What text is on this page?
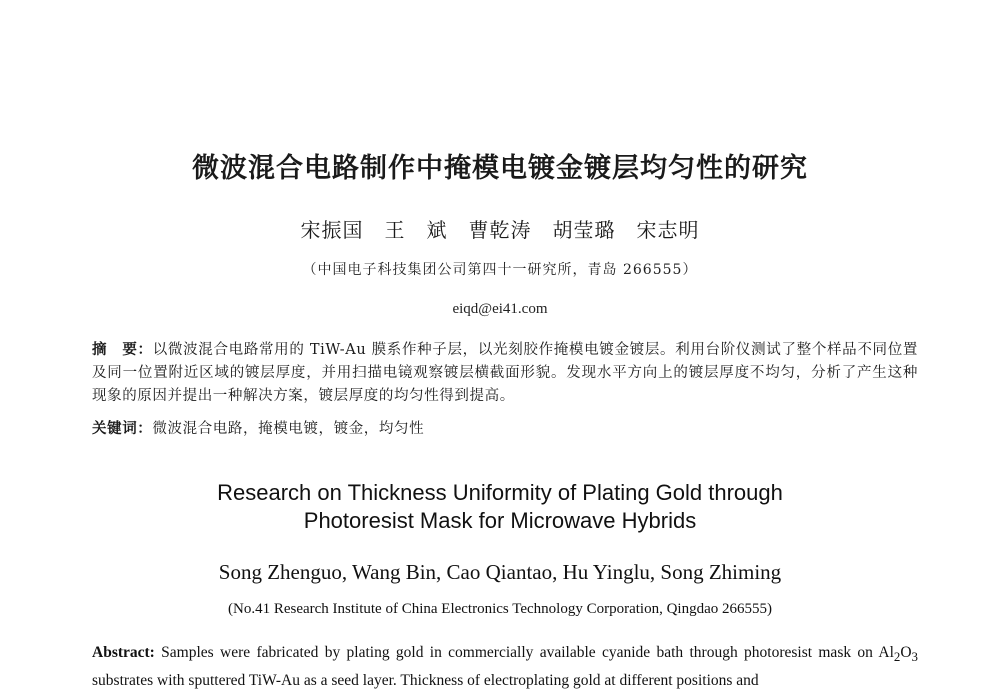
微波混合电路制作中掩模电镀金镀层均匀性的研究
宋振国　王　斌　曹乾涛　胡莹璐　宋志明
（中国电子科技集团公司第四十一研究所，青岛 266555）
eiqd@ei41.com
摘　要：以微波混合电路常用的 TiW-Au 膜系作种子层，以光刻胶作掩模电镀金镀层。利用台阶仪测试了整个样品不同位置及同一位置附近区域的镀层厚度，并用扫描电镜观察镀层横截面形貌。发现水平方向上的镀层厚度不均匀，分析了产生这种现象的原因并提出一种解决方案，镀层厚度的均匀性得到提高。
关键词：微波混合电路，掩模电镀，镀金，均匀性
Research on Thickness Uniformity of Plating Gold through
Photoresist Mask for Microwave Hybrids
Song Zhenguo, Wang Bin, Cao Qiantao, Hu Yinglu, Song Zhiming
(No.41 Research Institute of China Electronics Technology Corporation, Qingdao 266555)
Abstract: Samples were fabricated by plating gold in commercially available cyanide bath through photoresist mask on $Al_2O_3$ substrates with sputtered TiW-Au as a seed layer. Thickness of electroplating gold at different positions and
